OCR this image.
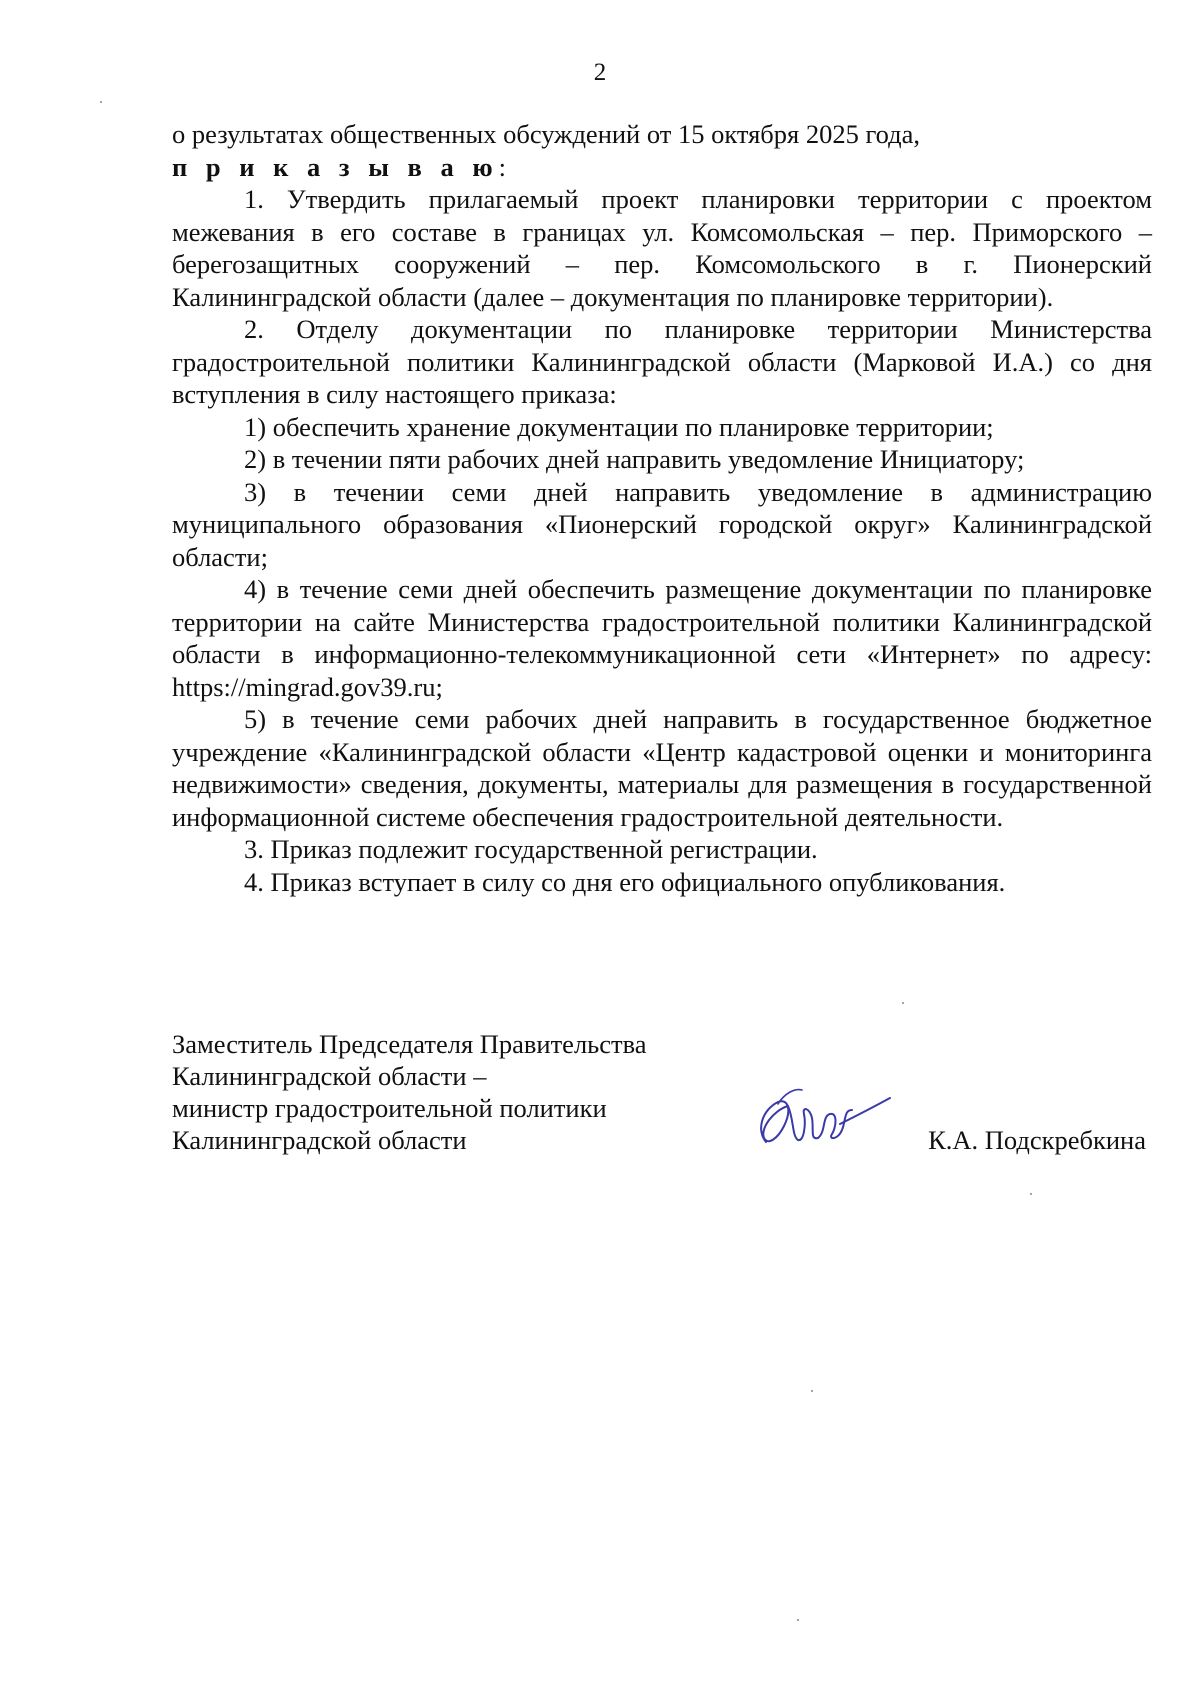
2

о результатах общественных обсуждений от 15 октября 2025 года,
п р и к а з ы в а ю:

1. Утвердить прилагаемый проект планировки территории с проектом межевания в его составе в границах ул. Комсомольская – пер. Приморского – берегозащитных сооружений – пер. Комсомольского в г. Пионерский Калининградской области (далее – документация по планировке территории).

2. Отделу документации по планировке территории Министерства градостроительной политики Калининградской области (Марковой И.А.) со дня вступления в силу настоящего приказа:

1) обеспечить хранение документации по планировке территории;

2) в течении пяти рабочих дней направить уведомление Инициатору;

3) в течении семи дней направить уведомление в администрацию муниципального образования «Пионерский городской округ» Калининградской области;

4) в течение семи дней обеспечить размещение документации по планировке территории на сайте Министерства градостроительной политики Калининградской области в информационно-телекоммуникационной сети «Интернет» по адресу: https://mingrad.gov39.ru;

5) в течение семи рабочих дней направить в государственное бюджетное учреждение «Калининградской области «Центр кадастровой оценки и мониторинга недвижимости» сведения, документы, материалы для размещения в государственной информационной системе обеспечения градостроительной деятельности.

3. Приказ подлежит государственной регистрации.

4. Приказ вступает в силу со дня его официального опубликования.

Заместитель Председателя Правительства
Калининградской области –
министр градостроительной политики
Калининградской области	К.А. Подскребкина
